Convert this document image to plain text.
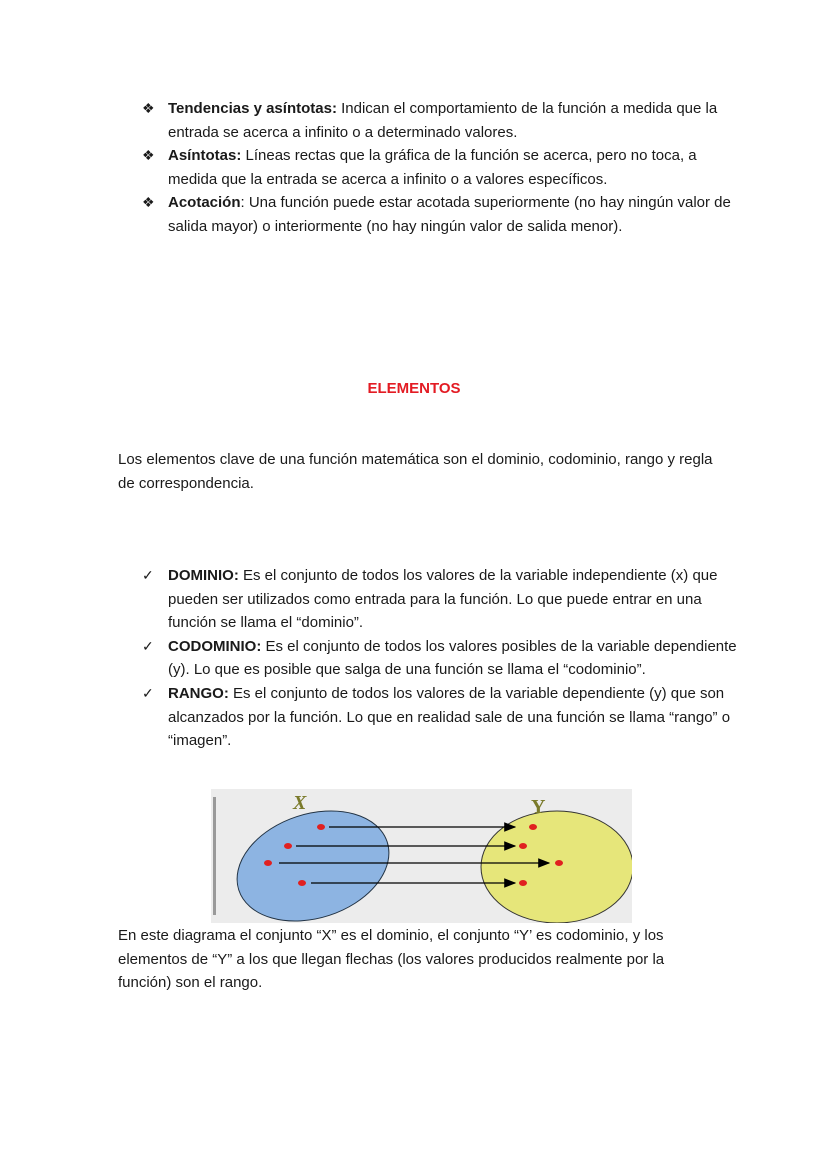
❖ Tendencias y asíntotas: Indican el comportamiento de la función a medida que la entrada se acerca a infinito o a determinado valores.
❖ Asíntotas: Líneas rectas que la gráfica de la función se acerca, pero no toca, a medida que la entrada se acerca a infinito o a valores específicos.
❖ Acotación: Una función puede estar acotada superiormente (no hay ningún valor de salida mayor) o interiormente (no hay ningún valor de salida menor).
ELEMENTOS

Los elementos clave de una función matemática son el dominio, codominio, rango y regla de correspondencia.

✓ DOMINIO: Es el conjunto de todos los valores de la variable independiente (x) que pueden ser utilizados como entrada para la función. Lo que puede entrar en una función se llama el “dominio”.
✓ CODOMINIO: Es el conjunto de todos los valores posibles de la variable dependiente (y). Lo que es posible que salga de una función se llama el “codominio”.
✓ RANGO: Es el conjunto de todos los valores de la variable dependiente (y) que son alcanzados por la función. Lo que en realidad sale de una función se llama “rango” o “imagen”.
X	Y

En este diagrama el conjunto “X” es el dominio, el conjunto “Y’ es codominio, y los elementos de “Y” a los que llegan flechas (los valores producidos realmente por la función) son el rango.
